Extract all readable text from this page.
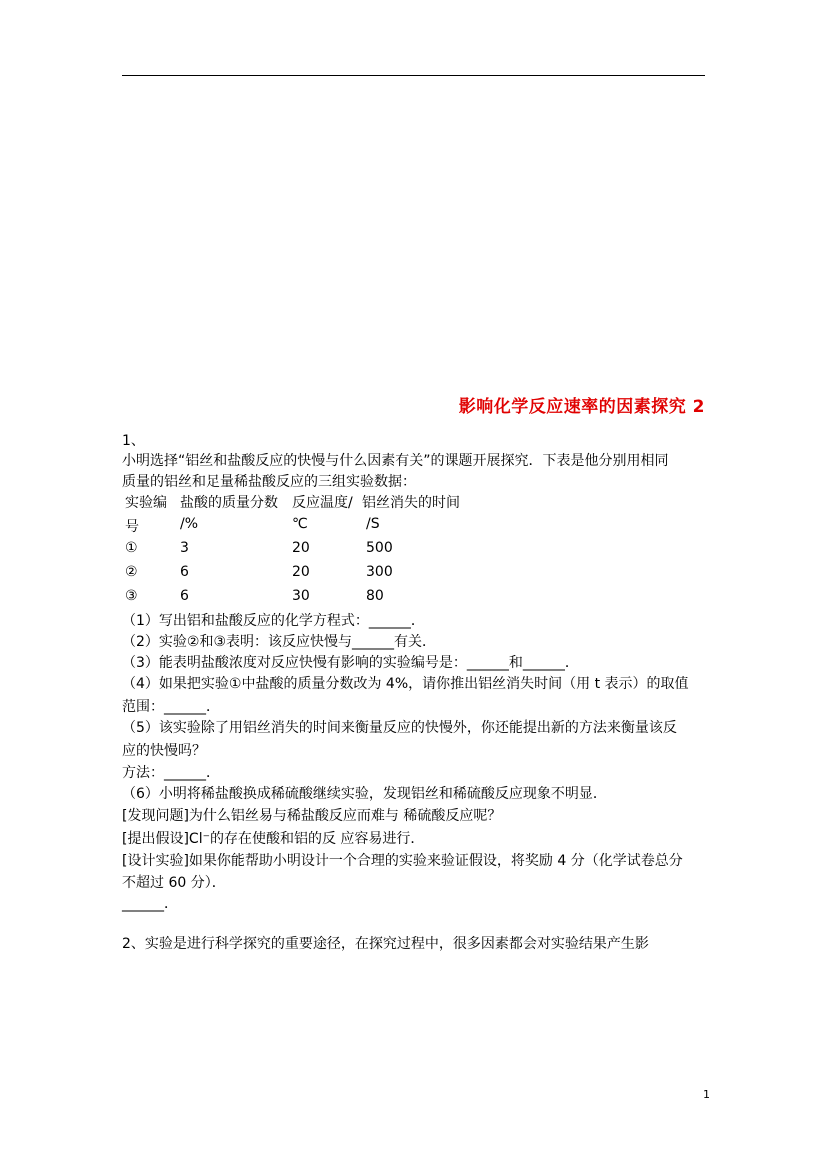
影响化学反应速率的因素探究 2
1、
小明选择“铝丝和盐酸反应的快慢与什么因素有关”的课题开展探究．下表是他分别用相同
质量的铝丝和足量稀盐酸反应的三组实验数据：
实验编 盐酸的质量分数 反应温度/ 铝丝消失的时间
号	/%	℃	/S
①	3	20	500
②	6	20	300
③	6	30	80
（1）写出铝和盐酸反应的化学方程式：______．
（2）实验②和③表明：该反应快慢与______有关．
（3）能表明盐酸浓度对反应快慢有影响的实验编号是：______和______．
（4）如果把实验①中盐酸的质量分数改为 4%，请你推出铝丝消失时间（用 t 表示）的取值
范围：______．
（5）该实验除了用铝丝消失的时间来衡量反应的快慢外，你还能提出新的方法来衡量该反
应的快慢吗？
方法：______．
（6）小明将稀盐酸换成稀硫酸继续实验，发现铝丝和稀硫酸反应现象不明显．
[发现问题]为什么铝丝易与稀盐酸反应而难与 稀硫酸反应呢？
[提出假设]Cl⁻的存在使酸和铝的反 应容易进行．
[设计实验]如果你能帮助小明设计一个合理的实验来验证假设，将奖励 4 分（化学试卷总分
不超过 60 分）．
______．
2、实验是进行科学探究的重要途径，在探究过程中，很多因素都会对实验结果产生影
1
